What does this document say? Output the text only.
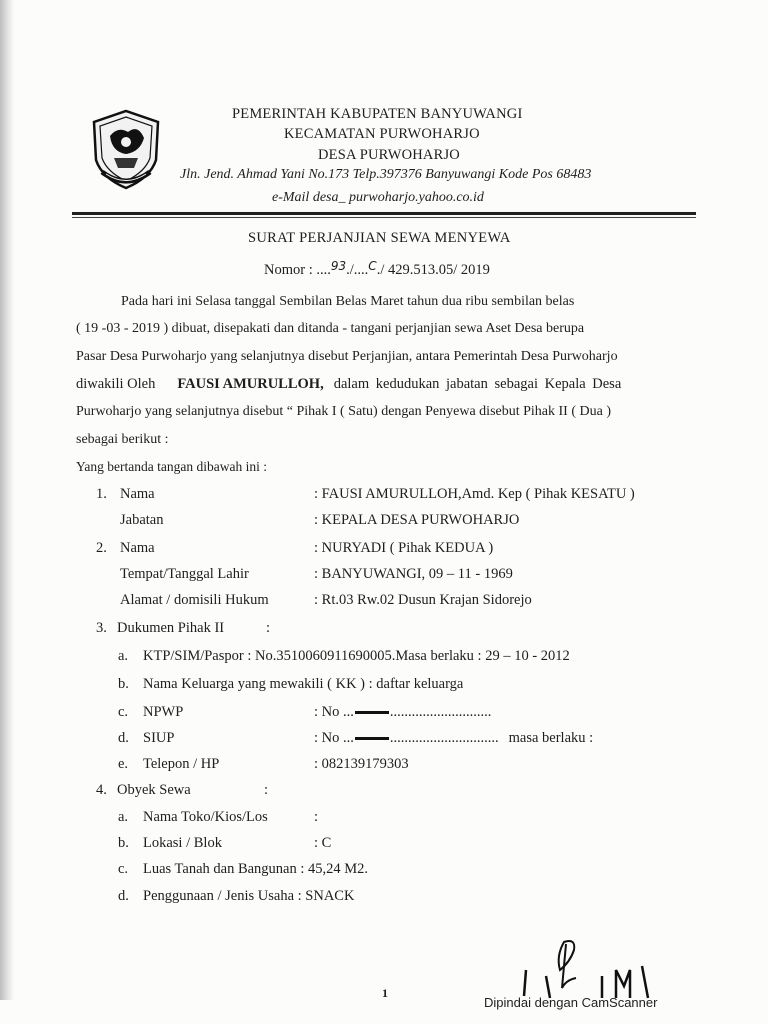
PEMERINTAH KABUPATEN BANYUWANGI
KECAMATAN PURWOHARJO
DESA PURWOHARJO
Jln. Jend. Ahmad Yani No.173 Telp.397376 Banyuwangi Kode Pos 68483
e-Mail desa_ purwoharjo.yahoo.co.id
SURAT PERJANJIAN SEWA MENYEWA
Nomor : ....$^{93}$./....$^C$./ 429.513.05/ 2019
Pada hari ini Selasa tanggal Sembilan Belas Maret tahun dua ribu sembilan belas
( 19 -03 - 2019 ) dibuat, disepakati dan ditanda - tangani perjanjian sewa Aset Desa berupa
Pasar Desa Purwoharjo yang selanjutnya disebut Perjanjian, antara Pemerintah Desa Purwoharjo
diwakili Oleh FAUSI AMURULLOH, dalam kedudukan jabatan sebagai Kepala Desa
Purwoharjo yang selanjutnya disebut “ Pihak I ( Satu) dengan Penyewa disebut Pihak II ( Dua )
sebagai berikut :
Yang bertanda tangan dibawah ini :
1. Nama	: FAUSI AMURULLOH,Amd. Kep ( Pihak KESATU )
Jabatan	: KEPALA DESA PURWOHARJO
2. Nama	: NURYADI ( Pihak KEDUA )
Tempat/Tanggal Lahir	: BANYUWANGI, 09 – 11 - 1969
Alamat / domisili Hukum	: Rt.03 Rw.02 Dusun Krajan Sidorejo
3. Dukumen Pihak II	:
a. KTP/SIM/Paspor : No.3510060911690005.Masa berlaku : 29 – 10 - 2012
b. Nama Keluarga yang mewakili ( KK ) : daftar keluarga
c. NPWP	: No ... ............................
d. SIUP	: No ... .............................. masa berlaku :
e. Telepon / HP	: 082139179303
4. Obyek Sewa	:
a. Nama Toko/Kios/Los	:
b. Lokasi / Blok	: C
c. Luas Tanah dan Bangunan : 45,24 M2.
d. Penggunaan / Jenis Usaha : SNACK
1
Dipindai dengan CamScanner
